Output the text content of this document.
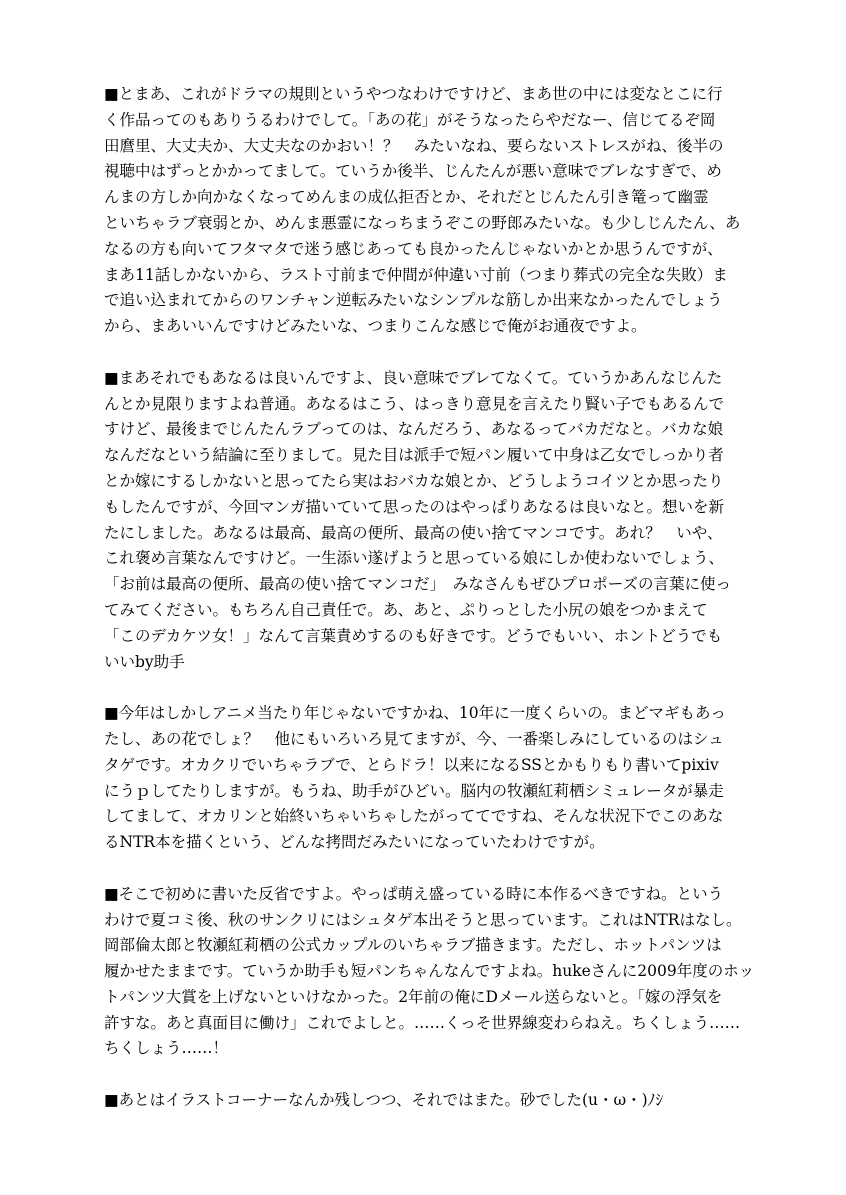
■とまあ、これがドラマの規則というやつなわけですけど、まあ世の中には変なとこに行
く作品ってのもありうるわけでして。「あの花」がそうなったらやだなー、信じてるぞ岡
田麿里、大丈夫か、大丈夫なのかおい！？　みたいなね、要らないストレスがね、後半の
視聴中はずっとかかってまして。ていうか後半、じんたんが悪い意味でブレなすぎで、め
んまの方しか向かなくなってめんまの成仏拒否とか、それだとじんたん引き篭って幽霊
といちゃラブ衰弱とか、めんま悪霊になっちまうぞこの野郎みたいな。も少しじんたん、あ
なるの方も向いてフタマタで迷う感じあっても良かったんじゃないかとか思うんですが、
まあ11話しかないから、ラスト寸前まで仲間が仲違い寸前（つまり葬式の完全な失敗）ま
で追い込まれてからのワンチャン逆転みたいなシンプルな筋しか出来なかったんでしょう
から、まあいいんですけどみたいな、つまりこんな感じで俺がお通夜ですよ。
■まあそれでもあなるは良いんですよ、良い意味でブレてなくて。ていうかあんなじんた
んとか見限りますよね普通。あなるはこう、はっきり意見を言えたり賢い子でもあるんで
すけど、最後までじんたんラブってのは、なんだろう、あなるってバカだなと。バカな娘
なんだなという結論に至りまして。見た目は派手で短パン履いて中身は乙女でしっかり者
とか嫁にするしかないと思ってたら実はおバカな娘とか、どうしようコイツとか思ったり
もしたんですが、今回マンガ描いていて思ったのはやっぱりあなるは良いなと。想いを新
たにしました。あなるは最高、最高の便所、最高の使い捨てマンコです。あれ？　いや、
これ褒め言葉なんですけど。一生添い遂げようと思っている娘にしか使わないでしょう、
「お前は最高の便所、最高の使い捨てマンコだ」　みなさんもぜひプロポーズの言葉に使っ
てみてください。もちろん自己責任で。あ、あと、ぷりっとした小尻の娘をつかまえて
「このデカケツ女！」なんて言葉責めするのも好きです。どうでもいい、ホントどうでも
いいby助手
■今年はしかしアニメ当たり年じゃないですかね、10年に一度くらいの。まどマギもあっ
たし、あの花でしょ？　他にもいろいろ見てますが、今、一番楽しみにしているのはシュ
タゲです。オカクリでいちゃラブで、とらドラ！以来になるSSとかもりもり書いてpixiv
にうｐしてたりしますが。もうね、助手がひどい。脳内の牧瀬紅莉栖シミュレータが暴走
してまして、オカリンと始終いちゃいちゃしたがっててですね、そんな状況下でこのあな
るNTR本を描くという、どんな拷問だみたいになっていたわけですが。
■そこで初めに書いた反省ですよ。やっぱ萌え盛っている時に本作るべきですね。という
わけで夏コミ後、秋のサンクリにはシュタゲ本出そうと思っています。これはNTRはなし。
岡部倫太郎と牧瀬紅莉栖の公式カップルのいちゃラブ描きます。ただし、ホットパンツは
履かせたままです。ていうか助手も短パンちゃんなんですよね。hukeさんに2009年度のホッ
トパンツ大賞を上げないといけなかった。2年前の俺にDメール送らないと。「嫁の浮気を
許すな。あと真面目に働け」これでよしと。……くっそ世界線変わらねえ。ちくしょう……
ちくしょう……！
■あとはイラストコーナーなんか残しつつ、それではまた。砂でした(u・ω・)ﾉｼ
